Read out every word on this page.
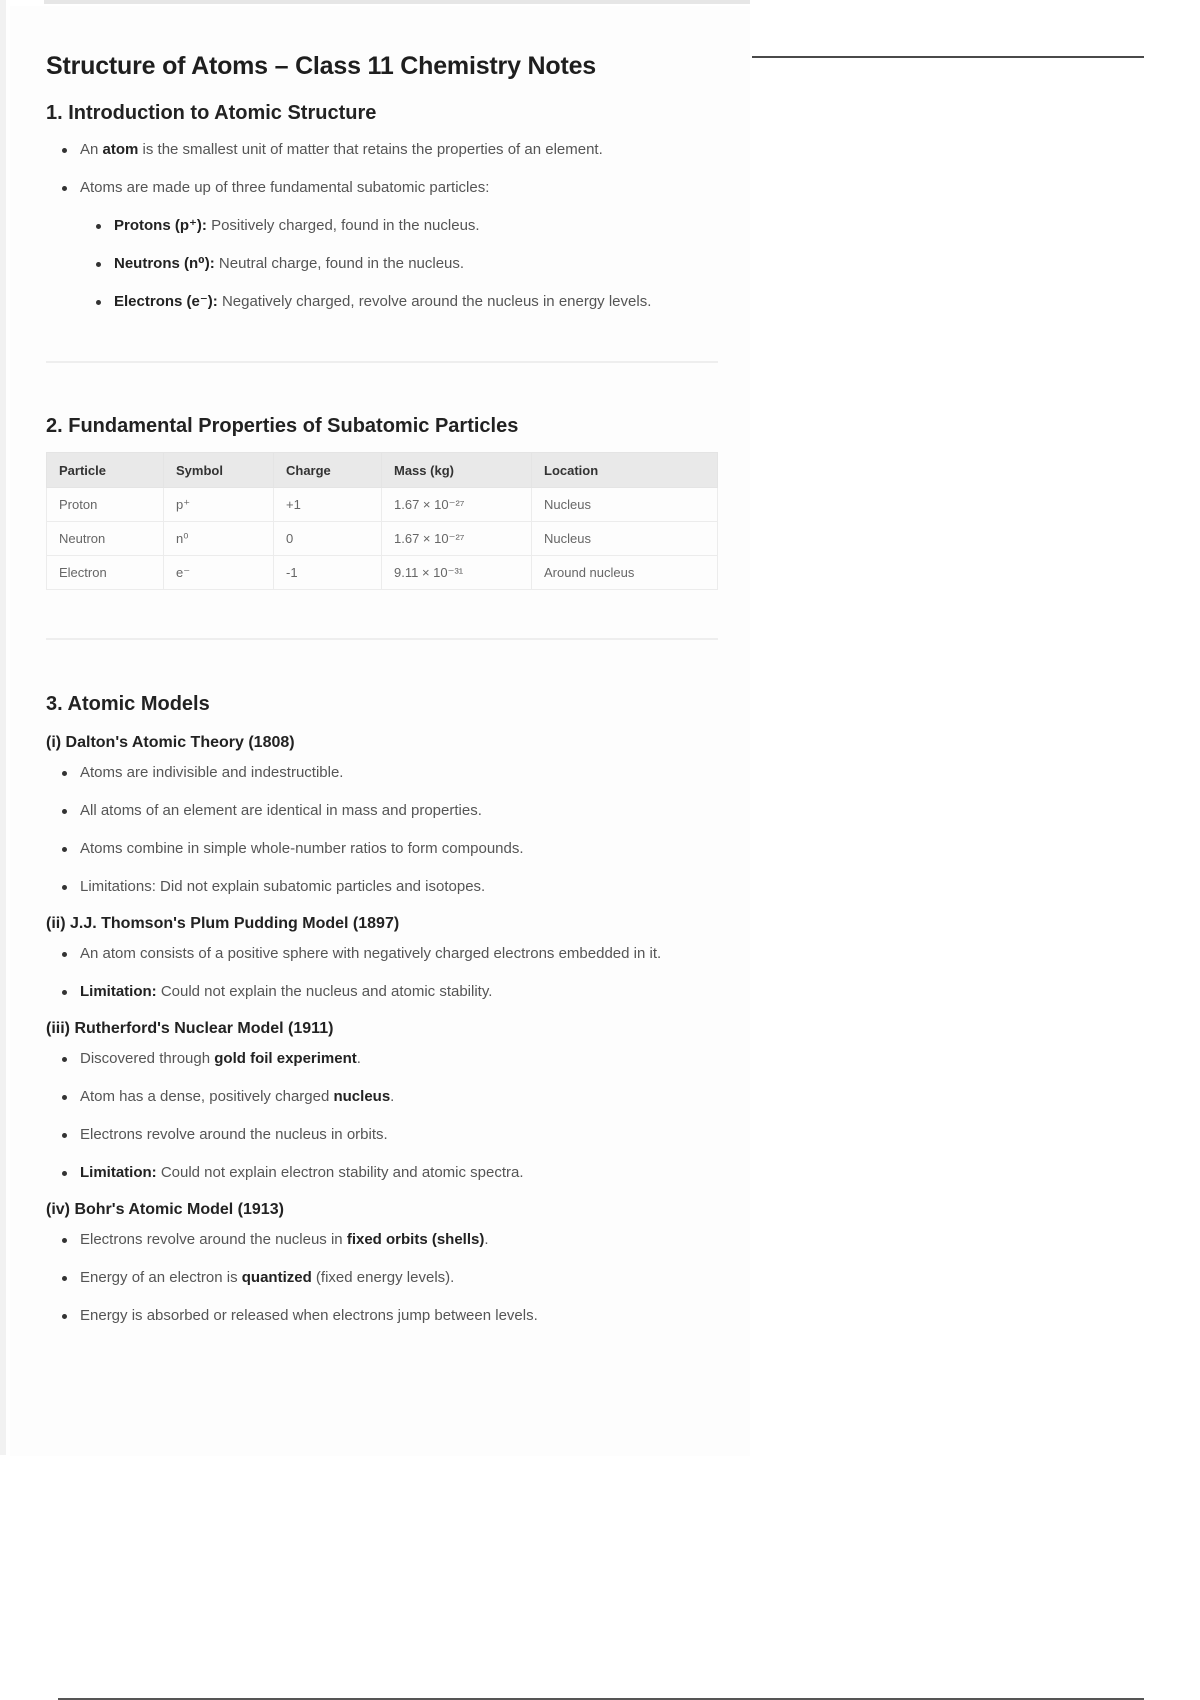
Structure of Atoms – Class 11 Chemistry Notes
1. Introduction to Atomic Structure
An atom is the smallest unit of matter that retains the properties of an element.
Atoms are made up of three fundamental subatomic particles:
Protons (p⁺): Positively charged, found in the nucleus.
Neutrons (n⁰): Neutral charge, found in the nucleus.
Electrons (e⁻): Negatively charged, revolve around the nucleus in energy levels.
2. Fundamental Properties of Subatomic Particles
Particle	Symbol	Charge	Mass (kg)	Location
Proton	p⁺	+1	1.67 × 10⁻²⁷	Nucleus
Neutron	n⁰	0	1.67 × 10⁻²⁷	Nucleus
Electron	e⁻	-1	9.11 × 10⁻³¹	Around nucleus
3. Atomic Models
(i) Dalton's Atomic Theory (1808)
Atoms are indivisible and indestructible.
All atoms of an element are identical in mass and properties.
Atoms combine in simple whole-number ratios to form compounds.
Limitations: Did not explain subatomic particles and isotopes.
(ii) J.J. Thomson's Plum Pudding Model (1897)
An atom consists of a positive sphere with negatively charged electrons embedded in it.
Limitation: Could not explain the nucleus and atomic stability.
(iii) Rutherford's Nuclear Model (1911)
Discovered through gold foil experiment.
Atom has a dense, positively charged nucleus.
Electrons revolve around the nucleus in orbits.
Limitation: Could not explain electron stability and atomic spectra.
(iv) Bohr's Atomic Model (1913)
Electrons revolve around the nucleus in fixed orbits (shells).
Energy of an electron is quantized (fixed energy levels).
Energy is absorbed or released when electrons jump between levels.
